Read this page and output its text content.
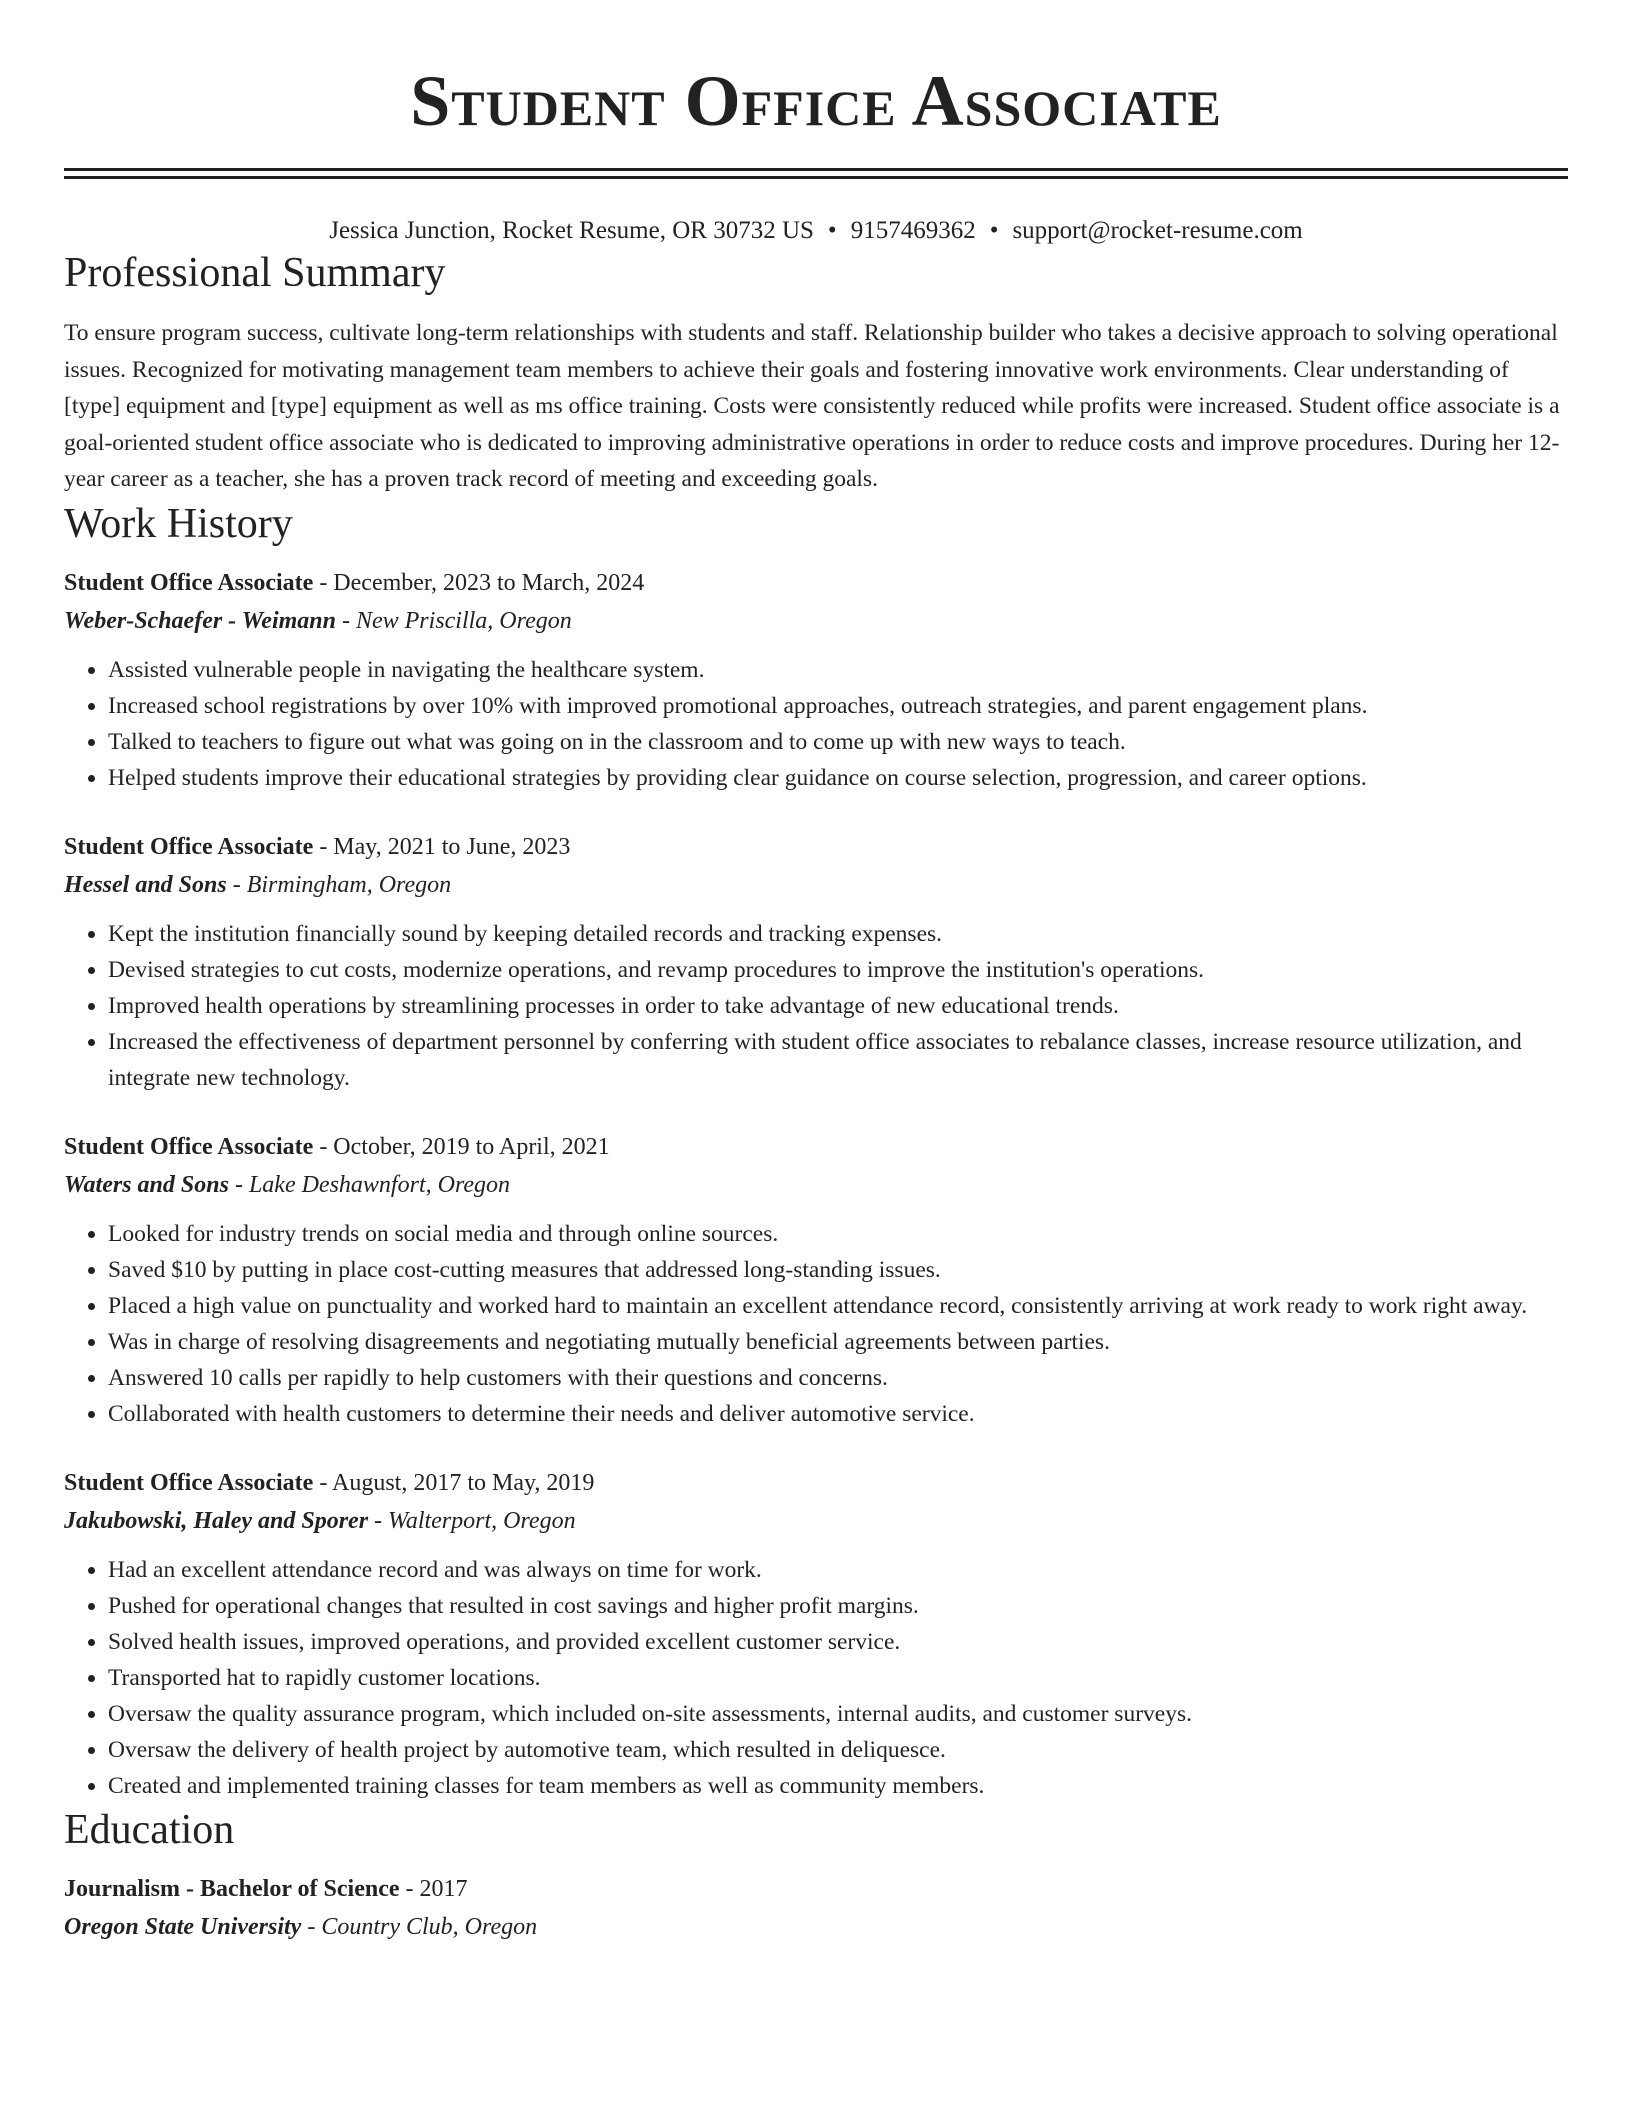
Student Office Associate
Jessica Junction, Rocket Resume, OR 30732 US • 9157469362 • support@rocket-resume.com
Professional Summary

To ensure program success, cultivate long-term relationships with students and staff. Relationship builder who takes a decisive approach to solving operational issues. Recognized for motivating management team members to achieve their goals and fostering innovative work environments. Clear understanding of [type] equipment and [type] equipment as well as ms office training. Costs were consistently reduced while profits were increased. Student office associate is a goal-oriented student office associate who is dedicated to improving administrative operations in order to reduce costs and improve procedures. During her 12-year career as a teacher, she has a proven track record of meeting and exceeding goals.

Work History
Student Office Associate - December, 2023 to March, 2024
Weber-Schaefer - Weimann - New Priscilla, Oregon
• Assisted vulnerable people in navigating the healthcare system.
• Increased school registrations by over 10% with improved promotional approaches, outreach strategies, and parent engagement plans.
• Talked to teachers to figure out what was going on in the classroom and to come up with new ways to teach.
• Helped students improve their educational strategies by providing clear guidance on course selection, progression, and career options.
Student Office Associate - May, 2021 to June, 2023
Hessel and Sons - Birmingham, Oregon
• Kept the institution financially sound by keeping detailed records and tracking expenses.
• Devised strategies to cut costs, modernize operations, and revamp procedures to improve the institution's operations.
• Improved health operations by streamlining processes in order to take advantage of new educational trends.
• Increased the effectiveness of department personnel by conferring with student office associates to rebalance classes, increase resource utilization, and integrate new technology.
Student Office Associate - October, 2019 to April, 2021
Waters and Sons - Lake Deshawnfort, Oregon
• Looked for industry trends on social media and through online sources.
• Saved $10 by putting in place cost-cutting measures that addressed long-standing issues.
• Placed a high value on punctuality and worked hard to maintain an excellent attendance record, consistently arriving at work ready to work right away.
• Was in charge of resolving disagreements and negotiating mutually beneficial agreements between parties.
• Answered 10 calls per rapidly to help customers with their questions and concerns.
• Collaborated with health customers to determine their needs and deliver automotive service.
Student Office Associate - August, 2017 to May, 2019
Jakubowski, Haley and Sporer - Walterport, Oregon
• Had an excellent attendance record and was always on time for work.
• Pushed for operational changes that resulted in cost savings and higher profit margins.
• Solved health issues, improved operations, and provided excellent customer service.
• Transported hat to rapidly customer locations.
• Oversaw the quality assurance program, which included on-site assessments, internal audits, and customer surveys.
• Oversaw the delivery of health project by automotive team, which resulted in deliquesce.
• Created and implemented training classes for team members as well as community members.
Education
Journalism - Bachelor of Science - 2017
Oregon State University - Country Club, Oregon
